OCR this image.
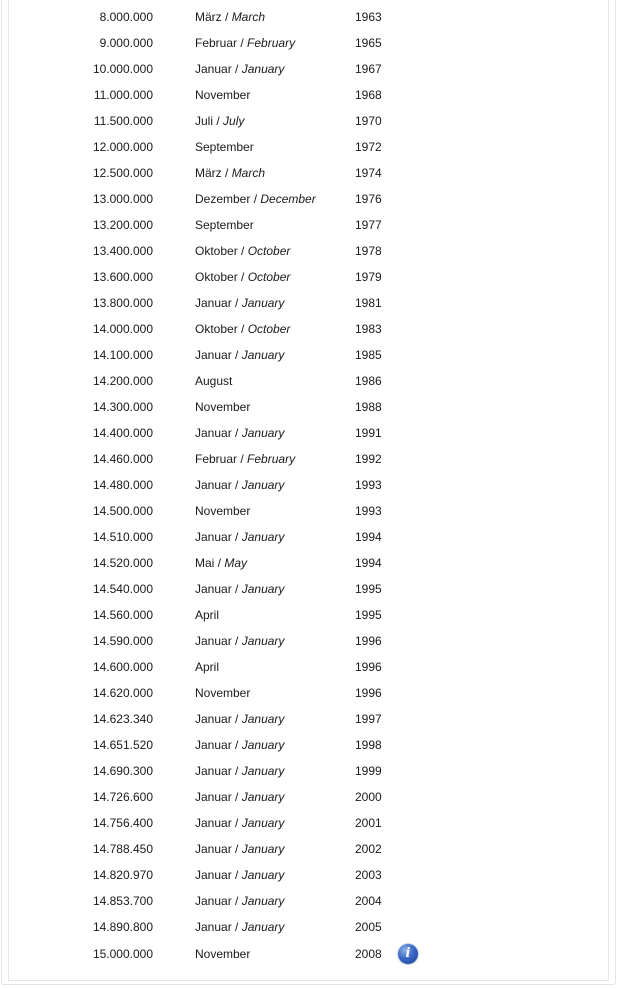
8.000.000	März / March	1963
9.000.000	Februar / February	1965
10.000.000	Januar / January	1967
11.000.000	November	1968
11.500.000	Juli / July	1970
12.000.000	September	1972
12.500.000	März / March	1974
13.000.000	Dezember / December	1976
13.200.000	September	1977
13.400.000	Oktober / October	1978
13.600.000	Oktober / October	1979
13.800.000	Januar / January	1981
14.000.000	Oktober / October	1983
14.100.000	Januar / January	1985
14.200.000	August	1986
14.300.000	November	1988
14.400.000	Januar / January	1991
14.460.000	Februar / February	1992
14.480.000	Januar / January	1993
14.500.000	November	1993
14.510.000	Januar / January	1994
14.520.000	Mai / May	1994
14.540.000	Januar / January	1995
14.560.000	April	1995
14.590.000	Januar / January	1996
14.600.000	April	1996
14.620.000	November	1996
14.623.340	Januar / January	1997
14.651.520	Januar / January	1998
14.690.300	Januar / January	1999
14.726.600	Januar / January	2000
14.756.400	Januar / January	2001
14.788.450	Januar / January	2002
14.820.970	Januar / January	2003
14.853.700	Januar / January	2004
14.890.800	Januar / January	2005
15.000.000	November	2008	i
